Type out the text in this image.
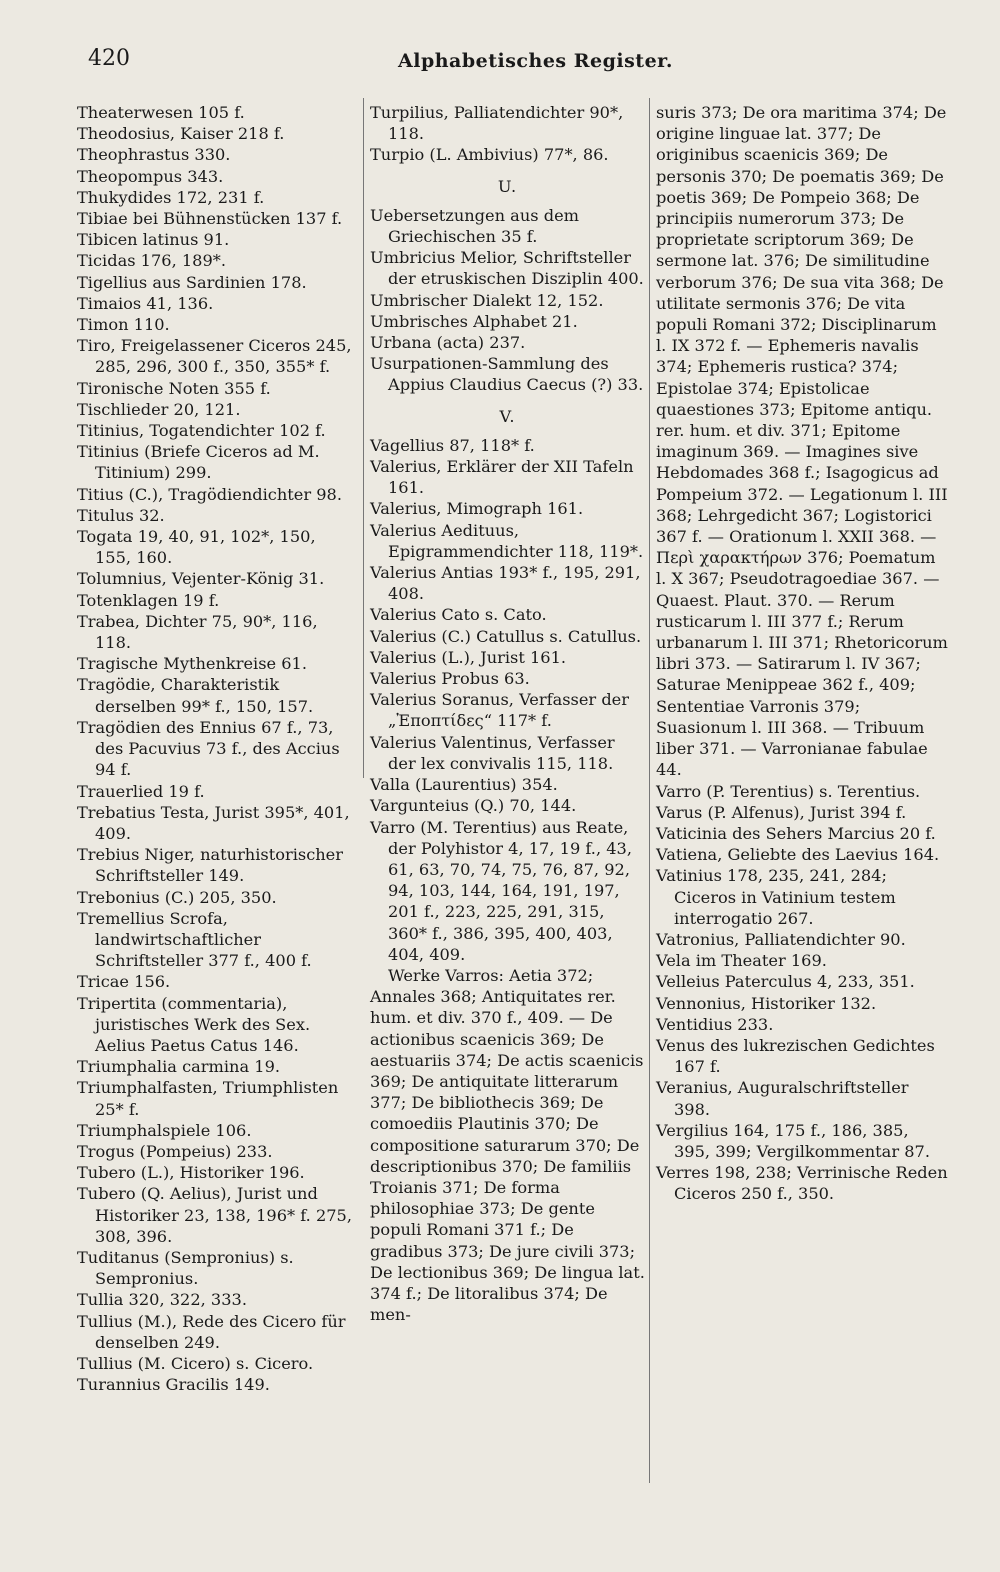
420	Alphabetisches Register.

Theaterwesen 105 f.

Theodosius, Kaiser 218 f.

Theophrastus 330.

Theopompus 343.

Thukydides 172, 231 f.

Tibiae bei Bühnenstücken 137 f.

Tibicen latinus 91.

Ticidas 176, 189*.

Tigellius aus Sardinien 178.

Timaios 41, 136.

Timon 110.

Tiro, Freigelassener Ciceros 245, 285, 296, 300 f., 350, 355* f.

Tironische Noten 355 f.

Tischlieder 20, 121.

Titinius, Togatendichter 102 f.

Titinius (Briefe Ciceros ad M. Titinium) 299.

Titius (C.), Tragödiendichter 98.

Titulus 32.

Togata 19, 40, 91, 102*, 150, 155, 160.

Tolumnius, Vejenter-König 31.

Totenklagen 19 f.

Trabea, Dichter 75, 90*, 116, 118.

Tragische Mythenkreise 61.

Tragödie, Charakteristik derselben 99* f., 150, 157.

Tragödien des Ennius 67 f., 73, des Pacuvius 73 f., des Accius 94 f.

Trauerlied 19 f.

Trebatius Testa, Jurist 395*, 401, 409.

Trebius Niger, naturhistorischer Schriftsteller 149.

Trebonius (C.) 205, 350.

Tremellius Scrofa, landwirtschaftlicher Schriftsteller 377 f., 400 f.

Tricae 156.

Tripertita (commentaria), juristisches Werk des Sex. Aelius Paetus Catus 146.

Triumphalia carmina 19.

Triumphalfasten, Triumphlisten 25* f.

Triumphalspiele 106.

Trogus (Pompeius) 233.

Tubero (L.), Historiker 196.

Tubero (Q. Aelius), Jurist und Historiker 23, 138, 196* f. 275, 308, 396.

Tuditanus (Sempronius) s. Sempronius.

Tullia 320, 322, 333.

Tullius (M.), Rede des Cicero für denselben 249.

Tullius (M. Cicero) s. Cicero.

Turannius Gracilis 149.

Turpilius, Palliatendichter 90*, 118.

Turpio (L. Ambivius) 77*, 86.

U.

Uebersetzungen aus dem Griechischen 35 f.

Umbricius Melior, Schriftsteller der etruskischen Disziplin 400.

Umbrischer Dialekt 12, 152.

Umbrisches Alphabet 21.

Urbana (acta) 237.

Usurpationen-Sammlung des Appius Claudius Caecus (?) 33.

V.

Vagellius 87, 118* f.

Valerius, Erklärer der XII Tafeln 161.

Valerius, Mimograph 161.

Valerius Aedituus, Epigrammendichter 118, 119*.

Valerius Antias 193* f., 195, 291, 408.

Valerius Cato s. Cato.

Valerius (C.) Catullus s. Catullus.

Valerius (L.), Jurist 161.

Valerius Probus 63.

Valerius Soranus, Verfasser der „Ἐποπτίδες“ 117* f.

Valerius Valentinus, Verfasser der lex convivalis 115, 118.

Valla (Laurentius) 354.

Vargunteius (Q.) 70, 144.

Varro (M. Terentius) aus Reate, der Polyhistor 4, 17, 19 f., 43, 61, 63, 70, 74, 75, 76, 87, 92, 94, 103, 144, 164, 191, 197, 201 f., 223, 225, 291, 315, 360* f., 386, 395, 400, 403, 404, 409.

Werke Varros: Aetia 372; Annales 368; Antiquitates rer. hum. et div. 370 f., 409. — De actionibus scaenicis 369; De aestuariis 374; De actis scaenicis 369; De antiquitate litterarum 377; De bibliothecis 369; De comoediis Plautinis 370; De compositione saturarum 370; De descriptionibus 370; De familiis Troianis 371; De forma philosophiae 373; De gente populi Romani 371 f.; De gradibus 373; De jure civili 373; De lectionibus 369; De lingua lat. 374 f.; De litoralibus 374; De men-

suris 373; De ora maritima 374; De origine linguae lat. 377; De originibus scaenicis 369; De personis 370; De poematis 369; De poetis 369; De Pompeio 368; De principiis numerorum 373; De proprietate scriptorum 369; De sermone lat. 376; De similitudine verborum 376; De sua vita 368; De utilitate sermonis 376; De vita populi Romani 372; Disciplinarum l. IX 372 f. — Ephemeris navalis 374; Ephemeris rustica? 374; Epistolae 374; Epistolicae quaestiones 373; Epitome antiqu. rer. hum. et div. 371; Epitome imaginum 369. — Imagines sive Hebdomades 368 f.; Isagogicus ad Pompeium 372. — Legationum l. III 368; Lehrgedicht 367; Logistorici 367 f. — Orationum l. XXII 368. — Περὶ χαρακτήρων 376; Poematum l. X 367; Pseudotragoediae 367. — Quaest. Plaut. 370. — Rerum rusticarum l. III 377 f.; Rerum urbanarum l. III 371; Rhetoricorum libri 373. — Satirarum l. IV 367; Saturae Menippeae 362 f., 409; Sententiae Varronis 379; Suasionum l. III 368. — Tribuum liber 371. — Varronianae fabulae 44.

Varro (P. Terentius) s. Terentius.

Varus (P. Alfenus), Jurist 394 f.

Vaticinia des Sehers Marcius 20 f.

Vatiena, Geliebte des Laevius 164.

Vatinius 178, 235, 241, 284; Ciceros in Vatinium testem interrogatio 267.

Vatronius, Palliatendichter 90.

Vela im Theater 169.

Velleius Paterculus 4, 233, 351.

Vennonius, Historiker 132.

Ventidius 233.

Venus des lukrezischen Gedichtes 167 f.

Veranius, Auguralschriftsteller 398.

Vergilius 164, 175 f., 186, 385, 395, 399; Vergilkommentar 87.

Verres 198, 238; Verrinische Reden Ciceros 250 f., 350.
